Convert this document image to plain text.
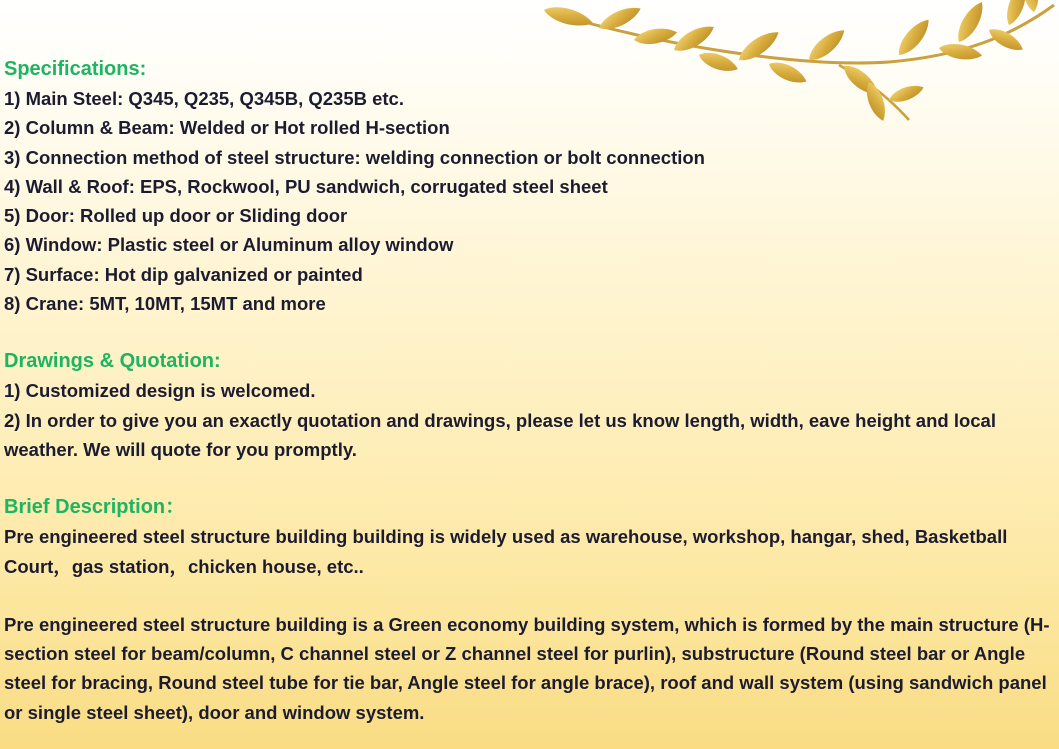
Specifications:
1) Main Steel: Q345, Q235, Q345B, Q235B etc.
2) Column & Beam: Welded or Hot rolled H-section
3) Connection method of steel structure: welding connection or bolt connection
4) Wall & Roof: EPS, Rockwool, PU sandwich, corrugated steel sheet
5) Door: Rolled up door or Sliding door
6) Window: Plastic steel or Aluminum alloy window
7) Surface: Hot dip galvanized or painted
8) Crane: 5MT, 10MT, 15MT and more
Drawings & Quotation:
1) Customized design is welcomed.
2) In order to give you an exactly quotation and drawings, please let us know length, width, eave height and local weather. We will quote for you promptly.
Brief Description：
Pre engineered steel structure building building is widely used as warehouse, workshop, hangar, shed, Basketball Court，gas station，chicken house, etc..
Pre engineered steel structure building is a Green economy building system, which is formed by the main structure (H-section steel for beam/column, C channel steel or Z channel steel for purlin), substructure (Round steel bar or Angle steel for bracing, Round steel tube for tie bar, Angle steel for angle brace), roof and wall system (using sandwich panel or single steel sheet), door and window system.
